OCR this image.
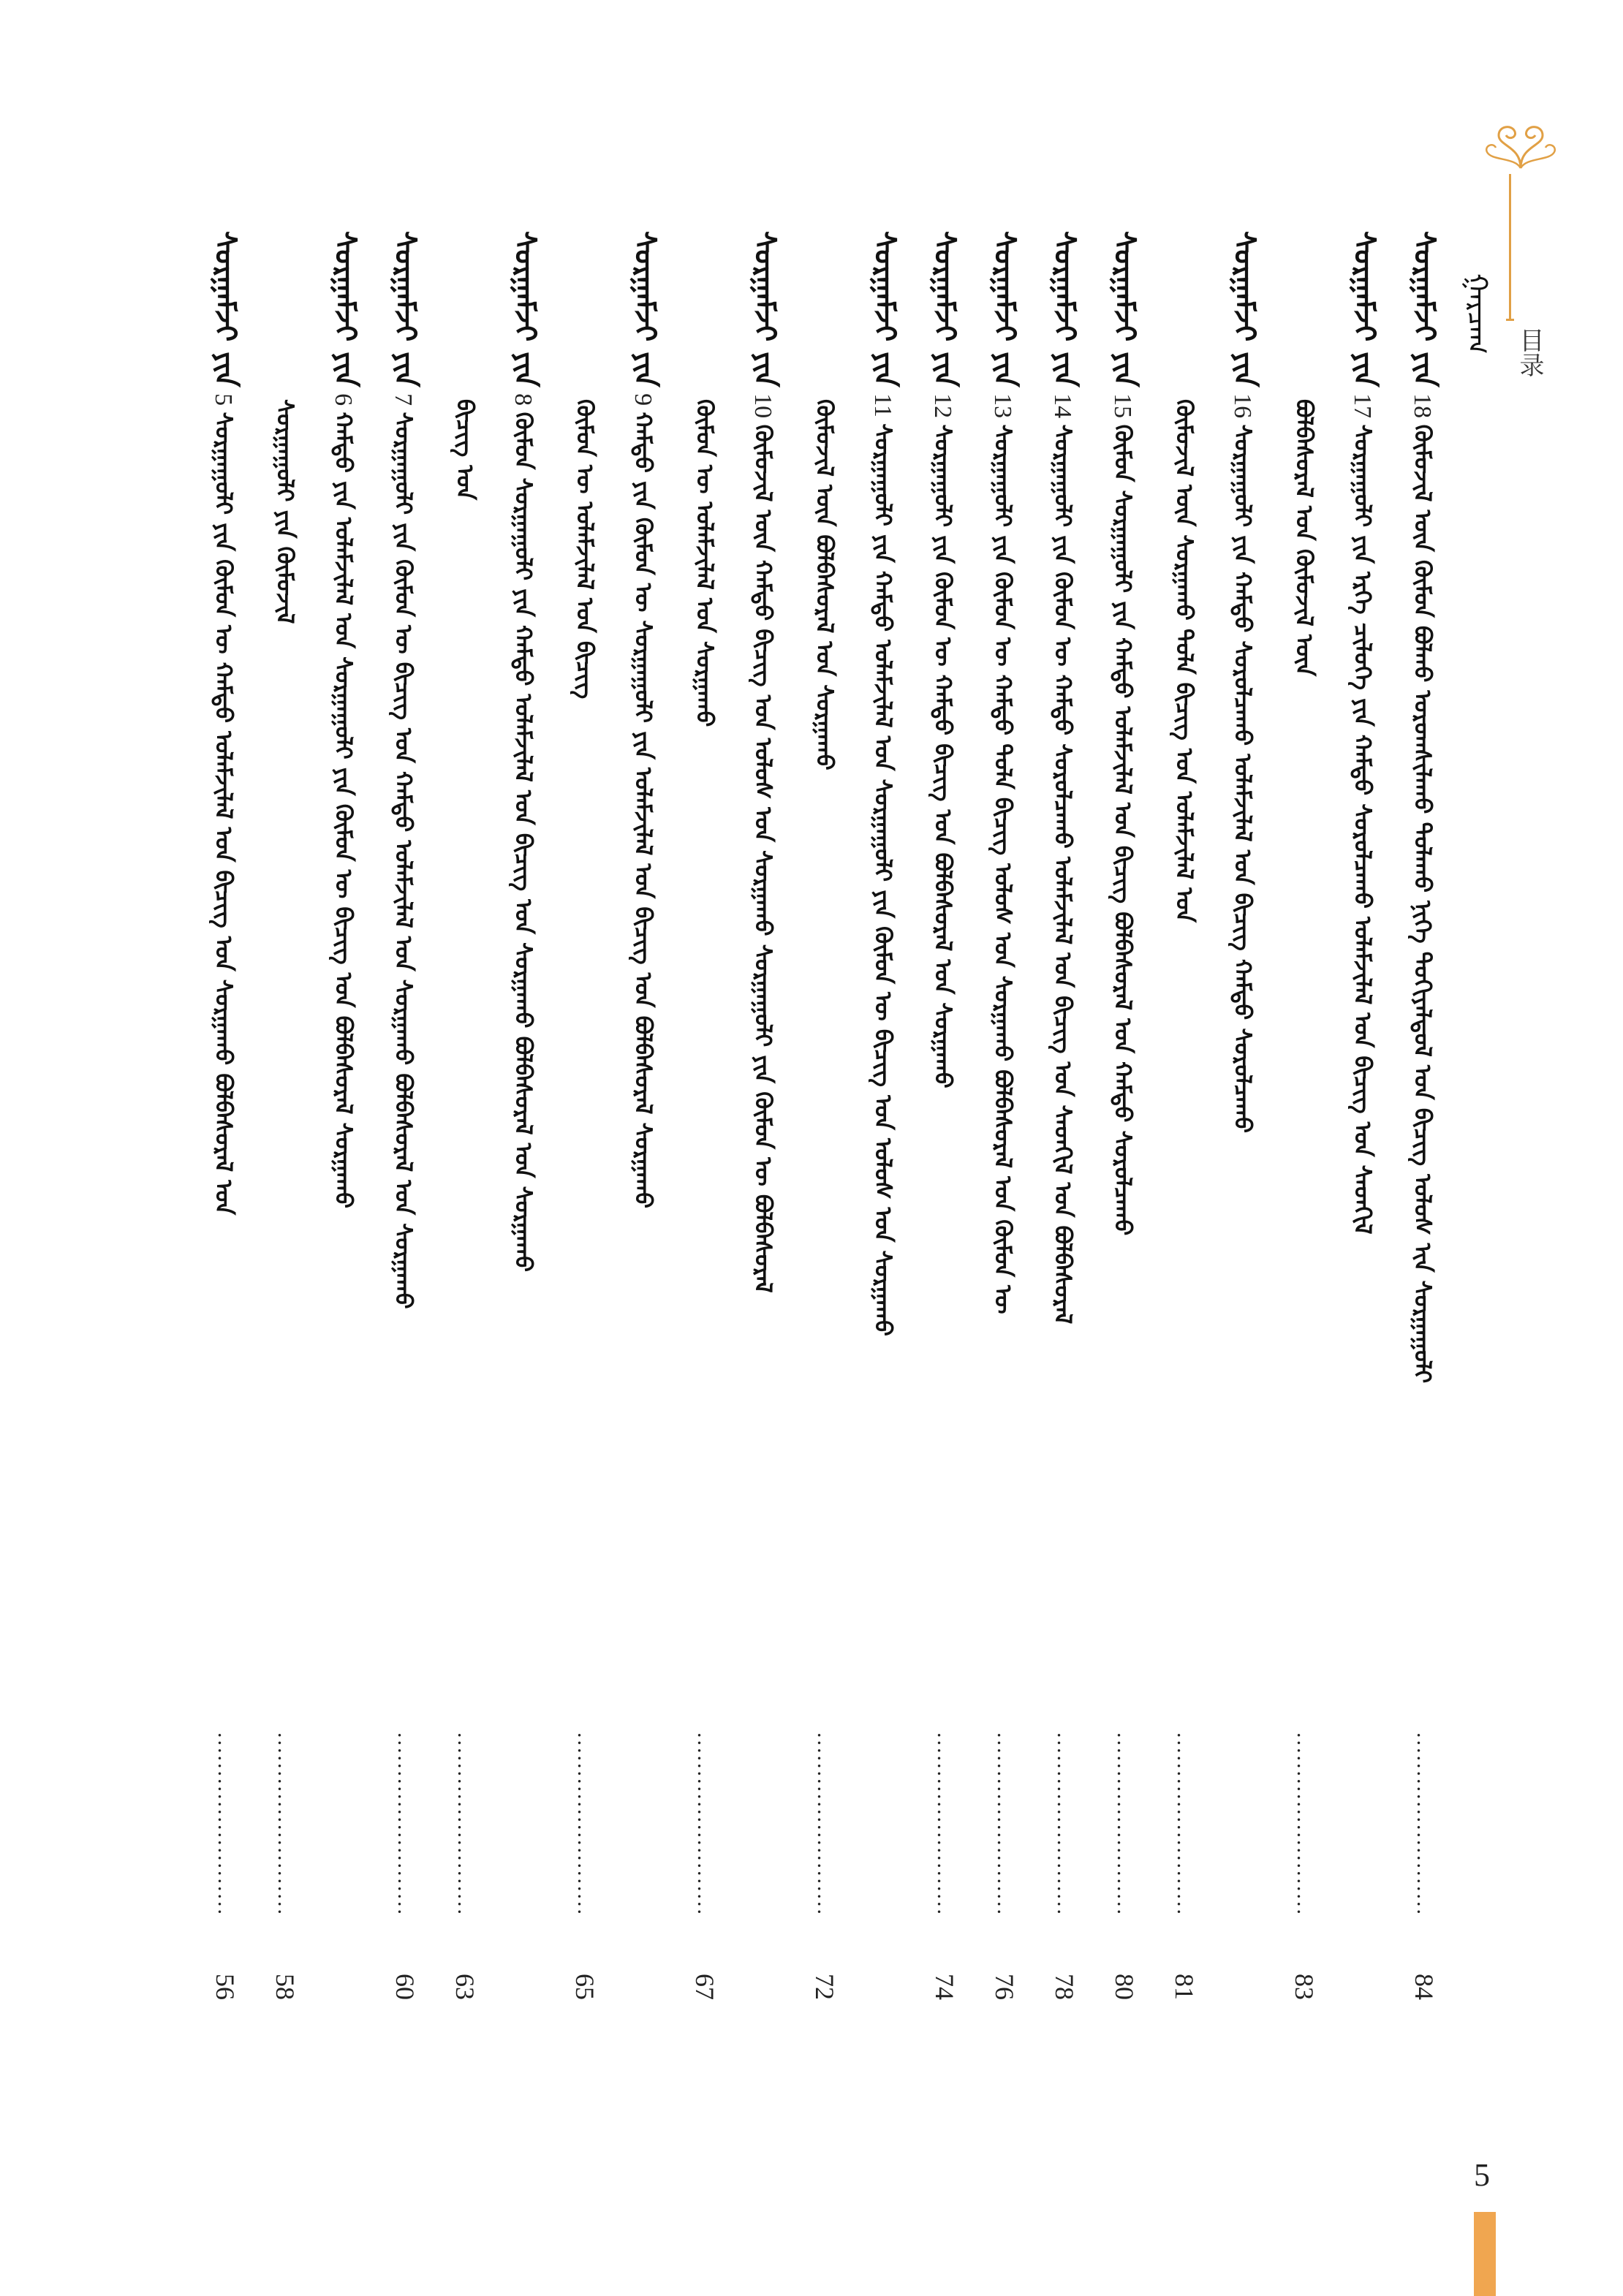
ᠭᠠᠷᠴᠠᠭ 目录
ᠰᠤᠷᠭᠠᠮᠵᠢ ᠶᠢᠨ 18 ᠬᠦᠮᠦᠵᠢᠯ ᠦᠨ ᠬᠦᠮᠦᠨ ᠪᠣᠯᠬᠤ ᠤᠷᠤᠭᠰᠢᠯᠠᠬᠤ ᠲᠤᠯᠠᠬᠤ ᠨᠢᠭᠡ ᠲᠤᠬᠢᠶᠠᠯᠳᠤᠯ ᠤᠨ ᠪᠢᠴᠢᠭ ᠤᠯᠤᠰ ᠢᠨ ᠰᠤᠷᠭᠠᠭᠤᠯᠢ
........................
84
ᠰᠤᠷᠭᠠᠮᠵᠢ ᠶᠢᠨ 17 ᠰᠤᠷᠭᠠᠭᠤᠯᠢ ᠶᠢᠨ ᠡᠷᠬᠡ ᠴᠢᠯᠦᠭᠡ ᠶᠢᠨ ᠬᠠᠮᠲᠤ ᠰᠤᠷᠤᠯᠴᠠᠬᠤ ᠤᠯᠠᠮᠵᠢᠯᠠᠯ ᠤᠨ ᠪᠢᠴᠢᠭ ᠤᠨ ᠰᠡᠳᠬᠢᠯ
ᠪᠣᠯᠪᠠᠰᠤᠷᠠᠯ ᠤᠨ ᠬᠦᠮᠦᠵᠢᠯ ᠦᠨ
........................
83
ᠰᠤᠷᠭᠠᠮᠵᠢ ᠶᠢᠨ 16 ᠰᠤᠷᠭᠠᠭᠤᠯᠢ ᠶᠢᠨ ᠬᠠᠮᠲᠤ ᠰᠤᠷᠤᠯᠴᠠᠬᠤ ᠤᠯᠠᠮᠵᠢᠯᠠᠯ ᠤᠨ ᠪᠢᠴᠢᠭ ᠬᠠᠮᠲᠤ ᠰᠤᠷᠤᠯᠴᠠᠬᠤ
ᠬᠦᠮᠦᠵᠢᠯ ᠦᠨ ᠰᠤᠷᠭᠠᠬᠤ ᠲᠤᠯᠠ ᠪᠢᠴᠢᠭ ᠤᠨ ᠤᠯᠠᠮᠵᠢᠯᠠᠯ ᠤᠨ
........................
81
ᠰᠤᠷᠭᠠᠮᠵᠢ ᠶᠢᠨ 15 ᠬᠦᠮᠦᠨ ᠰᠤᠷᠭᠠᠭᠤᠯᠢ ᠶᠢᠨ ᠬᠠᠮᠲᠤ ᠤᠯᠠᠮᠵᠢᠯᠠᠯ ᠤᠨ ᠪᠢᠴᠢᠭ ᠪᠣᠯᠪᠠᠰᠤᠷᠠᠯ ᠤᠨ ᠬᠠᠮᠲᠤ ᠰᠤᠷᠤᠯᠴᠠᠬᠤ
........................
80
ᠰᠤᠷᠭᠠᠮᠵᠢ ᠶᠢᠨ 14 ᠰᠤᠷᠭᠠᠭᠤᠯᠢ ᠶᠢᠨ ᠬᠦᠮᠦᠨ ᠦ ᠬᠠᠮᠲᠤ ᠰᠤᠷᠤᠯᠴᠠᠬᠤ ᠤᠯᠠᠮᠵᠢᠯᠠᠯ ᠤᠨ ᠪᠢᠴᠢᠭ ᠤᠨ ᠰᠡᠳᠬᠢᠯ ᠤᠨ ᠪᠣᠯᠪᠠᠰᠤᠷᠠᠯ
........................
78
ᠰᠤᠷᠭᠠᠮᠵᠢ ᠶᠢᠨ 13 ᠰᠤᠷᠭᠠᠭᠤᠯᠢ ᠶᠢᠨ ᠬᠦᠮᠦᠨ ᠦ ᠬᠠᠮᠲᠤ ᠲᠤᠯᠠ ᠪᠢᠴᠢᠭ ᠤᠯᠤᠰ ᠤᠨ ᠰᠤᠷᠭᠠᠬᠤ ᠪᠣᠯᠪᠠᠰᠤᠷᠠᠯ ᠤᠨ ᠬᠦᠮᠦᠨ ᠦ
........................
76
ᠰᠤᠷᠭᠠᠮᠵᠢ ᠶᠢᠨ 12 ᠰᠤᠷᠭᠠᠭᠤᠯᠢ ᠶᠢᠨ ᠬᠦᠮᠦᠨ ᠦ ᠬᠠᠮᠲᠤ ᠪᠢᠴᠢᠭ ᠤᠨ ᠪᠣᠯᠪᠠᠰᠤᠷᠠᠯ ᠤᠨ ᠰᠤᠷᠭᠠᠬᠤ
........................
74
ᠰᠤᠷᠭᠠᠮᠵᠢ ᠶᠢᠨ 11 ᠰᠤᠷᠭᠠᠭᠤᠯᠢ ᠶᠢᠨ ᠬᠠᠮᠲᠤ ᠤᠯᠠᠮᠵᠢᠯᠠᠯ ᠤᠨ ᠰᠤᠷᠭᠠᠭᠤᠯᠢ ᠶᠢᠨ ᠬᠦᠮᠦᠨ ᠦ ᠪᠢᠴᠢᠭ ᠤᠨ ᠤᠯᠤᠰ ᠤᠨ ᠰᠤᠷᠭᠠᠬᠤ
ᠬᠦᠮᠦᠵᠢᠯ ᠦᠨ ᠪᠣᠯᠪᠠᠰᠤᠷᠠᠯ ᠤᠨ ᠰᠤᠷᠭᠠᠬᠤ
........................
72
ᠰᠤᠷᠭᠠᠮᠵᠢ ᠶᠢᠨ 10 ᠬᠦᠮᠦᠵᠢᠯ ᠦᠨ ᠬᠠᠮᠲᠤ ᠪᠢᠴᠢᠭ ᠤᠨ ᠤᠯᠤᠰ ᠤᠨ ᠰᠤᠷᠭᠠᠬᠤ ᠰᠤᠷᠭᠠᠭᠤᠯᠢ ᠶᠢᠨ ᠬᠦᠮᠦᠨ ᠦ ᠪᠣᠯᠪᠠᠰᠤᠷᠠᠯ
ᠬᠦᠮᠦᠨ ᠦ ᠤᠯᠠᠮᠵᠢᠯᠠᠯ ᠤᠨ ᠰᠤᠷᠭᠠᠬᠤ
........................
67
ᠰᠤᠷᠭᠠᠮᠵᠢ ᠶᠢᠨ 9 ᠬᠠᠮᠲᠤ ᠶᠢᠨ ᠬᠦᠮᠦᠨ ᠦ ᠰᠤᠷᠭᠠᠭᠤᠯᠢ ᠶᠢᠨ ᠤᠯᠠᠮᠵᠢᠯᠠᠯ ᠤᠨ ᠪᠢᠴᠢᠭ ᠤᠨ ᠪᠣᠯᠪᠠᠰᠤᠷᠠᠯ ᠰᠤᠷᠭᠠᠬᠤ
ᠬᠦᠮᠦᠨ ᠦ ᠤᠯᠠᠮᠵᠢᠯᠠᠯ ᠤᠨ ᠪᠢᠴᠢᠭ
........................
65
ᠰᠤᠷᠭᠠᠮᠵᠢ ᠶᠢᠨ 8 ᠬᠦᠮᠦᠨ ᠰᠤᠷᠭᠠᠭᠤᠯᠢ ᠶᠢᠨ ᠬᠠᠮᠲᠤ ᠤᠯᠠᠮᠵᠢᠯᠠᠯ ᠤᠨ ᠪᠢᠴᠢᠭ ᠤᠨ ᠰᠤᠷᠭᠠᠬᠤ ᠪᠣᠯᠪᠠᠰᠤᠷᠠᠯ ᠤᠨ ᠰᠤᠷᠭᠠᠬᠤ
ᠪᠢᠴᠢᠭ ᠤᠨ
........................
63
ᠰᠤᠷᠭᠠᠮᠵᠢ ᠶᠢᠨ 7 ᠰᠤᠷᠭᠠᠭᠤᠯᠢ ᠶᠢᠨ ᠬᠦᠮᠦᠨ ᠦ ᠪᠢᠴᠢᠭ ᠤᠨ ᠬᠠᠮᠲᠤ ᠤᠯᠠᠮᠵᠢᠯᠠᠯ ᠤᠨ ᠰᠤᠷᠭᠠᠬᠤ ᠪᠣᠯᠪᠠᠰᠤᠷᠠᠯ ᠤᠨ ᠰᠤᠷᠭᠠᠬᠤ
........................
60
ᠰᠤᠷᠭᠠᠮᠵᠢ ᠶᠢᠨ 6 ᠬᠠᠮᠲᠤ ᠶᠢᠨ ᠤᠯᠠᠮᠵᠢᠯᠠᠯ ᠤᠨ ᠰᠤᠷᠭᠠᠭᠤᠯᠢ ᠶᠢᠨ ᠬᠦᠮᠦᠨ ᠦ ᠪᠢᠴᠢᠭ ᠤᠨ ᠪᠣᠯᠪᠠᠰᠤᠷᠠᠯ ᠰᠤᠷᠭᠠᠬᠤ
ᠰᠤᠷᠭᠠᠭᠤᠯᠢ ᠶᠢᠨ ᠬᠦᠮᠦᠵᠢᠯ
........................
58
ᠰᠤᠷᠭᠠᠮᠵᠢ ᠶᠢᠨ 5 ᠰᠤᠷᠭᠠᠭᠤᠯᠢ ᠶᠢᠨ ᠬᠦᠮᠦᠨ ᠦ ᠬᠠᠮᠲᠤ ᠤᠯᠠᠮᠵᠢᠯᠠᠯ ᠤᠨ ᠪᠢᠴᠢᠭ ᠤᠨ ᠰᠤᠷᠭᠠᠬᠤ ᠪᠣᠯᠪᠠᠰᠤᠷᠠᠯ ᠤᠨ
........................
56
5
